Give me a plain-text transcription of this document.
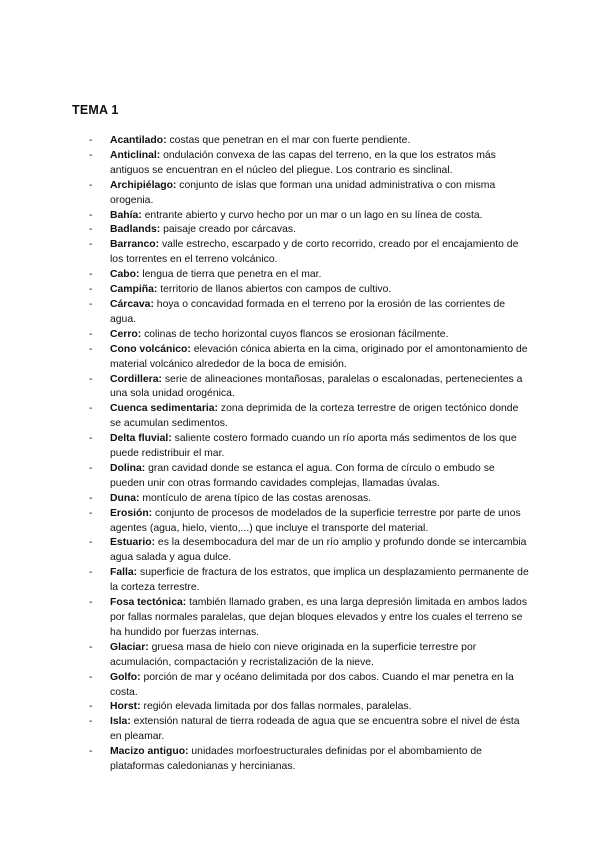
TEMA 1
- Acantilado: costas que penetran en el mar con fuerte pendiente.
- Anticlinal: ondulación convexa de las capas del terreno, en la que los estratos más antiguos se encuentran en el núcleo del pliegue. Los contrario es sinclinal.
- Archipiélago: conjunto de islas que forman una unidad administrativa o con misma orogenia.
- Bahía: entrante abierto y curvo hecho por un mar o un lago en su línea de costa.
- Badlands: paisaje creado por cárcavas.
- Barranco: valle estrecho, escarpado y de corto recorrido, creado por el encajamiento de los torrentes en el terreno volcánico.
- Cabo: lengua de tierra que penetra en el mar.
- Campiña: territorio de llanos abiertos con campos de cultivo.
- Cárcava: hoya o concavidad formada en el terreno por la erosión de las corrientes de agua.
- Cerro: colinas de techo horizontal cuyos flancos se erosionan fácilmente.
- Cono volcánico: elevación cónica abierta en la cima, originado por el amontonamiento de material volcánico alrededor de la boca de emisión.
- Cordillera: serie de alineaciones montañosas, paralelas o escalonadas, pertenecientes a una sola unidad orogénica.
- Cuenca sedimentaria: zona deprimida de la corteza terrestre de origen tectónico donde se acumulan sedimentos.
- Delta fluvial: saliente costero formado cuando un río aporta más sedimentos de los que puede redistribuir el mar.
- Dolina: gran cavidad donde se estanca el agua. Con forma de círculo o embudo se pueden unir con otras formando cavidades complejas, llamadas úvalas.
- Duna: montículo de arena típico de las costas arenosas.
- Erosión: conjunto de procesos de modelados de la superficie terrestre por parte de unos agentes (agua, hielo, viento,...) que incluye el transporte del material.
- Estuario: es la desembocadura del mar de un río amplio y profundo donde se intercambia agua salada y agua dulce.
- Falla: superficie de fractura de los estratos, que implica un desplazamiento permanente de la corteza terrestre.
- Fosa tectónica: también llamado graben, es una larga depresión limitada en ambos lados por fallas normales paralelas, que dejan bloques elevados y entre los cuales el terreno se ha hundido por fuerzas internas.
- Glaciar: gruesa masa de hielo con nieve originada en la superficie terrestre por acumulación, compactación y recristalización de la nieve.
- Golfo: porción de mar y océano delimitada por dos cabos. Cuando el mar penetra en la costa.
- Horst: región elevada limitada por dos fallas normales, paralelas.
- Isla: extensión natural de tierra rodeada de agua que se encuentra sobre el nivel de ésta en pleamar.
- Macizo antiguo: unidades morfoestructurales definidas por el abombamiento de plataformas caledonianas y hercinianas.
